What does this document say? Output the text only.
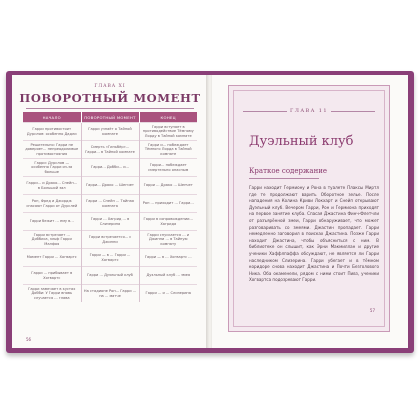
ГЛАВА XI
ПОВОРОТНЫЙ МОМЕНТ
НАЧАЛО	ПОВОРОТНЫЙ МОМЕНТ	КОНЕЦ
Гарри противостоит Дурслям: особенно Дадли	Гарри узнаёт о Тайной комнате	Гарри вступает в противодействие Тёмному Лорду в Тайной комнате
Решительно: Гарри не доверяет... непреодолимые противостояния	Смерть «Гиньбёр»... Гарри... в Тайной комнате	Гарри и... побеждает Тёмного Лорда в Тайной комнате
Гарри: Дурслям — особенно Гарри из-за больше	Гарри... Добби... и...	Гарри... побеждает смертельно опасным
Гарри... и Драко... Снейп... в Большой зал	Гарри... Драко ... Шепчет	Гарри ... Драко ... Шепчет
Рон, Фред и Джордж спасают Гарри от Дурслей	Гарри ... Снейп ... Тайная комната	Рон ... приходит ... Гарри...
Гарри бежит ... ему в...	Гарри ... Хагрид ... в Слизерина	Гарри в сопровождении... Хагрида
Гарри встречает ... Доббиса, эльф Гарри Малфоя	Гарри встречается... с Джинни	Гарри спускается ... и Джинни ... в Тайную комнату
Момент Гарри ... Хогвартс	Гарри — в ... Гарри ... Хогвартс	Гарри — в ... Хогвартс ...
Гарри ... прибывает в Хогвартс	Гарри ... Дуэльный клуб	Дуэльный клуб ... змея
Гарри замечает в кустах Добби: У Гарри вновь случается ... глава	На стадионе Рон... Гарри ... на ... матче	Гарри ... и ... Слизерина
56
ГЛАВА 11
Дуэльный клуб
Краткое содержание
Гарри находит Гермиону и Рона в туалете Плаксы Миртл где те продолжают варить Оборотное зелье. После нападения на Колина Криви Локхарт и Снейп открывают Дуэльный клуб. Вечером Гарри, Рон и Гермиона приходят на первое занятие клуба. Спасая Джастина Финч-Флетчли от разъярённой змеи, Гарри обнаруживает, что может разговаривать со змеями. Джастин пропадает. Гарри немедленно заговорил в поисках Джастина. Позже Гарри находит Джастина, чтобы объясниться с ним. В библиотеке он слышит, как Эрни Макмиллан и другие ученики Хаффлпаффа обсуждают, не является ли Гарри наследником Слизерина. Гарри убегает и в тёмном коридоре снова находит Джастина и Почти Безголового Ника. Оба окаменели, рядом с ними стоит Пивз, ученики Хогвартса подозревают Гарри.
57
